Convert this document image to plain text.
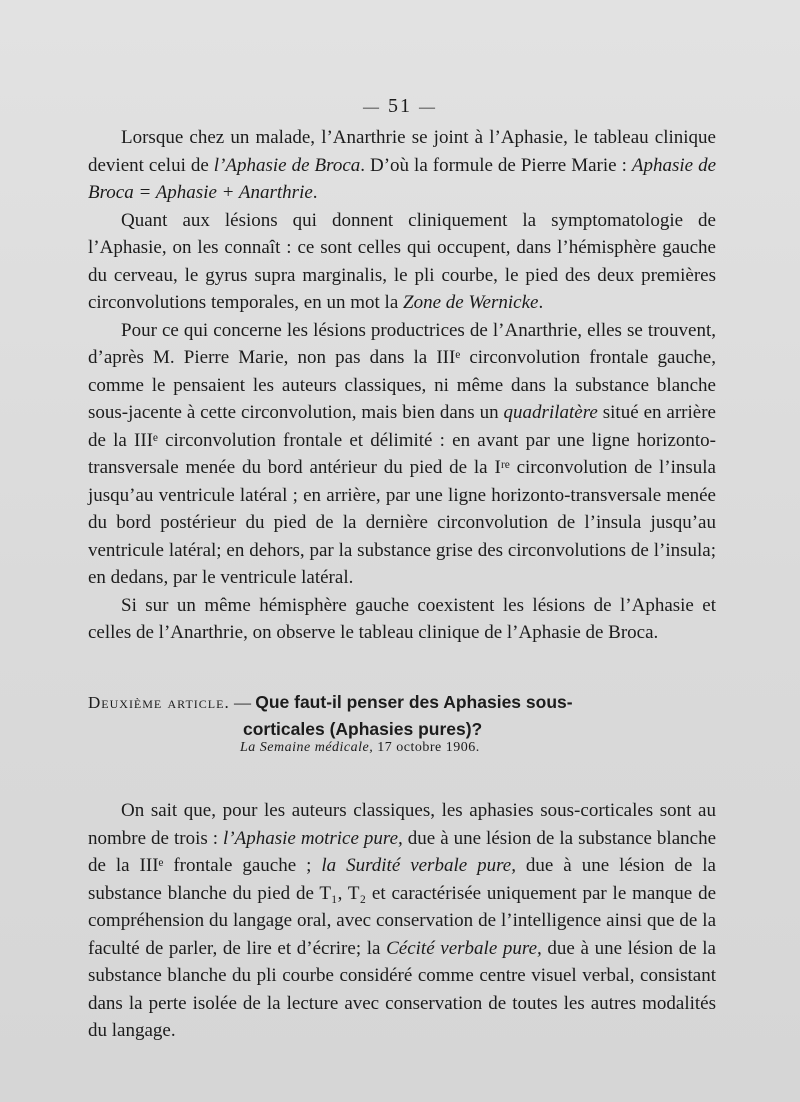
— 51 —

Lorsque chez un malade, l’Anarthrie se joint à l’Aphasie, le tableau clinique devient celui de l’Aphasie de Broca. D’où la formule de Pierre Marie : Aphasie de Broca = Aphasie + Anarthrie.

Quant aux lésions qui donnent cliniquement la symptomatologie de l’Aphasie, on les connaît : ce sont celles qui occupent, dans l’hémisphère gauche du cerveau, le gyrus supra marginalis, le pli courbe, le pied des deux premières circonvolutions temporales, en un mot la Zone de Wernicke.

Pour ce qui concerne les lésions productrices de l’Anarthrie, elles se trouvent, d’après M. Pierre Marie, non pas dans la IIIᵉ circonvolution frontale gauche, comme le pensaient les auteurs classiques, ni même dans la substance blanche sous-jacente à cette circonvolution, mais bien dans un quadrilatère situé en arrière de la IIIᵉ circonvolution frontale et délimité : en avant par une ligne horizonto-transversale menée du bord antérieur du pied de la Iʳᵉ circonvolution de l’insula jusqu’au ventricule latéral ; en arrière, par une ligne horizonto-transversale menée du bord postérieur du pied de la dernière circonvolution de l’insula jusqu’au ventricule latéral; en dehors, par la substance grise des circonvolutions de l’insula; en dedans, par le ventricule latéral.

Si sur un même hémisphère gauche coexistent les lésions de l’Aphasie et celles de l’Anarthrie, on observe le tableau clinique de l’Aphasie de Broca.

Deuxième article. — Que faut-il penser des Aphasies sous-
corticales (Aphasies pures)?
La Semaine médicale, 17 octobre 1906.

On sait que, pour les auteurs classiques, les aphasies sous-corticales sont au nombre de trois : l’Aphasie motrice pure, due à une lésion de la substance blanche de la IIIᵉ frontale gauche ; la Surdité verbale pure, due à une lésion de la substance blanche du pied de T₁, T₂ et caractérisée uniquement par le manque de compréhension du langage oral, avec conservation de l’intelligence ainsi que de la faculté de parler, de lire et d’écrire; la Cécité verbale pure, due à une lésion de la substance blanche du pli courbe considéré comme centre visuel verbal, consistant dans la perte isolée de la lecture avec conservation de toutes les autres modalités du langage.
